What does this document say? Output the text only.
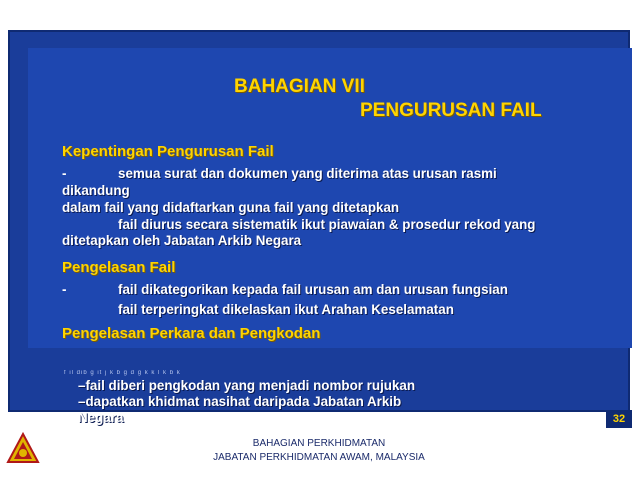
BAHAGIAN VII
PENGURUSAN FAIL
Kepentingan Pengurusan Fail
-	semua surat dan dokumen yang diterima atas urusan rasmi
dikandung
dalam fail yang didaftarkan guna fail yang ditetapkan
fail diurus secara sistematik ikut piawaian & prosedur rekod yang
ditetapkan oleh Jabatan Arkib Negara
Pengelasan Fail
-	fail dikategorikan kepada fail urusan am dan urusan fungsian
fail terperingkat dikelaskan ikut Arahan Keselamatan
Pengelasan Perkara dan Pengkodan
f il dib g it j k b g d g k k l k b k
–fail diberi pengkodan yang menjadi nombor rujukan
–dapatkan khidmat nasihat daripada Jabatan Arkib
Negara	32
BAHAGIAN PERKHIDMATAN
JABATAN PERKHIDMATAN AWAM, MALAYSIA
